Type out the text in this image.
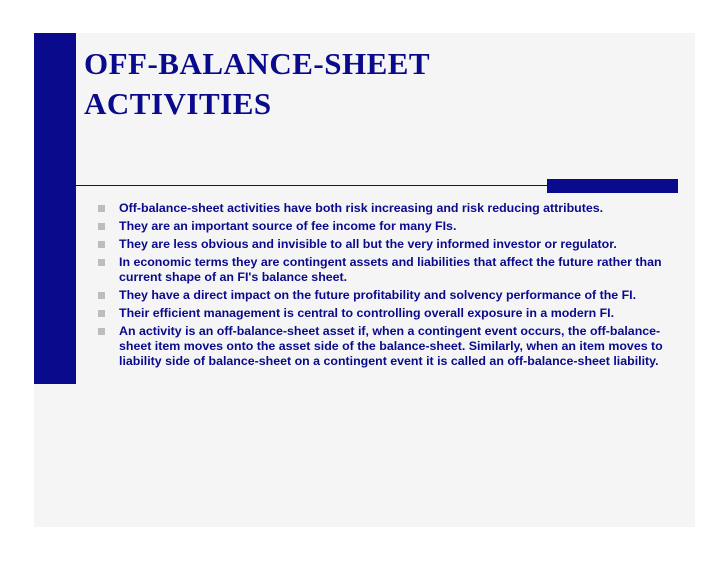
OFF-BALANCE-SHEET
ACTIVITIES
Off-balance-sheet activities have both risk increasing and risk reducing attributes.
They are an important source of fee income for many FIs.
They are less obvious and invisible to all but the very informed investor or regulator.
In economic terms they are contingent assets and liabilities that affect the future rather than current shape of an FI's balance sheet.
They have a direct impact on the future profitability and solvency performance of the FI.
Their efficient management is central to controlling overall exposure in a modern FI.
An activity is an off-balance-sheet asset if, when a contingent event occurs, the off-balance-sheet item moves onto the asset side of the balance-sheet. Similarly, when an item moves to liability side of balance-sheet on a contingent event it is called an off-balance-sheet liability.
